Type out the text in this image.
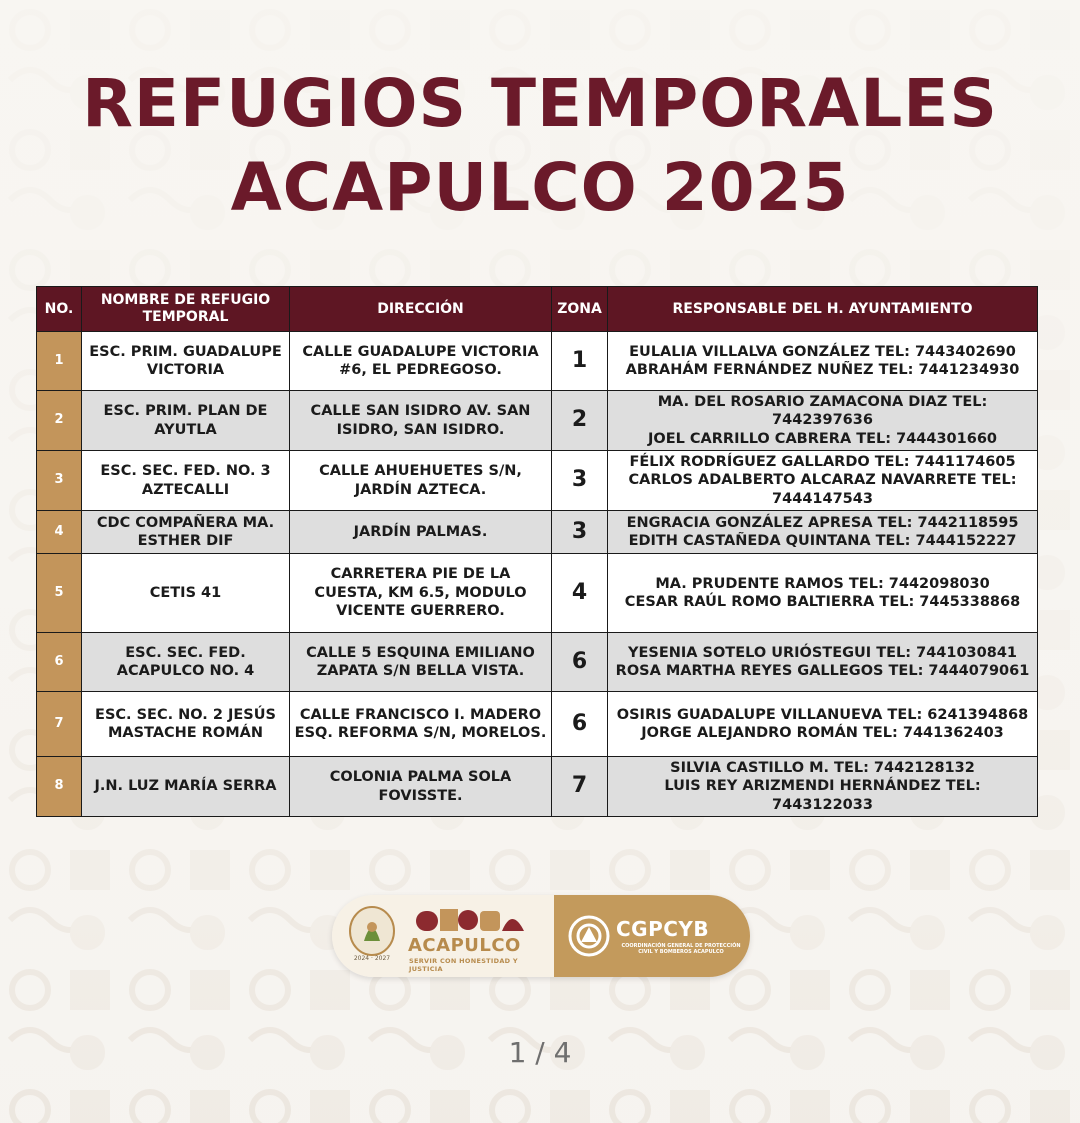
REFUGIOS TEMPORALES
ACAPULCO 2025
NO.	NOMBRE DE REFUGIO TEMPORAL	DIRECCIÓN	ZONA	RESPONSABLE DEL H. AYUNTAMIENTO
1	ESC. PRIM. GUADALUPE VICTORIA	CALLE GUADALUPE VICTORIA #6, EL PEDREGOSO.	1	EULALIA VILLALVA GONZÁLEZ TEL: 7443402690
ABRAHÁM FERNÁNDEZ NUÑEZ TEL: 7441234930

2	ESC. PRIM. PLAN DE AYUTLA	CALLE SAN ISIDRO AV. SAN ISIDRO, SAN ISIDRO.	2	MA. DEL ROSARIO ZAMACONA DIAZ TEL: 7442397636
JOEL CARRILLO CABRERA TEL: 7444301660

3	ESC. SEC. FED. NO. 3 AZTECALLI	CALLE AHUEHUETES S/N, JARDÍN AZTECA.	3	FÉLIX RODRÍGUEZ GALLARDO TEL: 7441174605
CARLOS ADALBERTO ALCARAZ NAVARRETE TEL: 7444147543

4	CDC COMPAÑERA MA. ESTHER DIF	JARDÍN PALMAS.	3	ENGRACIA GONZÁLEZ APRESA TEL: 7442118595
EDITH CASTAÑEDA QUINTANA TEL: 7444152227

5	CETIS 41	CARRETERA PIE DE LA CUESTA, KM 6.5, MODULO VICENTE GUERRERO.	4	MA. PRUDENTE RAMOS TEL: 7442098030
CESAR RAÚL ROMO BALTIERRA TEL: 7445338868

6	ESC. SEC. FED. ACAPULCO NO. 4	CALLE 5 ESQUINA EMILIANO ZAPATA S/N BELLA VISTA.	6	YESENIA SOTELO URIÓSTEGUI TEL: 7441030841
ROSA MARTHA REYES GALLEGOS TEL: 7444079061

7	ESC. SEC. NO. 2 JESÚS MASTACHE ROMÁN	CALLE FRANCISCO I. MADERO ESQ. REFORMA S/N, MORELOS.	6	OSIRIS GUADALUPE VILLANUEVA TEL: 6241394868
JORGE ALEJANDRO ROMÁN TEL: 7441362403

8	J.N. LUZ MARÍA SERRA	COLONIA PALMA SOLA FOVISSTE.	7	SILVIA CASTILLO M. TEL: 7442128132
LUIS REY ARIZMENDI HERNÁNDEZ TEL: 7443122033
2024 · 2027
ACAPULCO
SERVIR CON HONESTIDAD Y JUSTICIA
CGPCYB
COORDINACIÓN GENERAL DE PROTECCIÓN CIVIL Y BOMBEROS ACAPULCO
1 / 4
